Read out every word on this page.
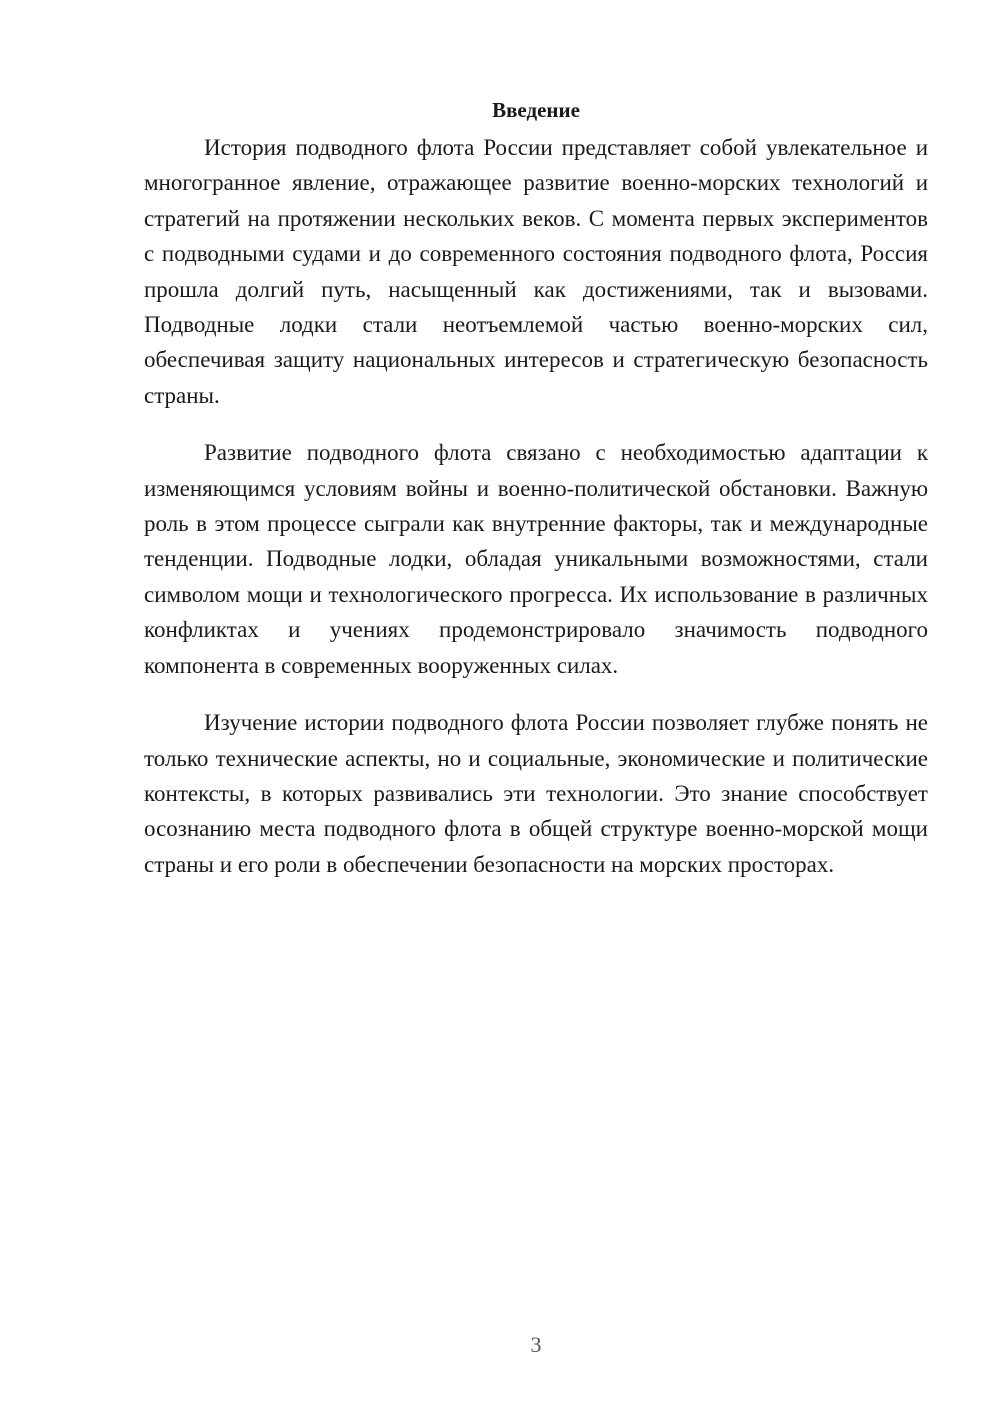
Введение

История подводного флота России представляет собой увлекательное и многогранное явление, отражающее развитие военно-морских технологий и стратегий на протяжении нескольких веков. С момента первых экспериментов с подводными судами и до современного состояния подводного флота, Россия прошла долгий путь, насыщенный как достижениями, так и вызовами. Подводные лодки стали неотъемлемой частью военно-морских сил, обеспечивая защиту национальных интересов и стратегическую безопасность страны.

Развитие подводного флота связано с необходимостью адаптации к изменяющимся условиям войны и военно-политической обстановки. Важную роль в этом процессе сыграли как внутренние факторы, так и международные тенденции. Подводные лодки, обладая уникальными возможностями, стали символом мощи и технологического прогресса. Их использование в различных конфликтах и учениях продемонстрировало значимость подводного компонента в современных вооруженных силах.

Изучение истории подводного флота России позволяет глубже понять не только технические аспекты, но и социальные, экономические и политические контексты, в которых развивались эти технологии. Это знание способствует осознанию места подводного флота в общей структуре военно-морской мощи страны и его роли в обеспечении безопасности на морских просторах.

3
